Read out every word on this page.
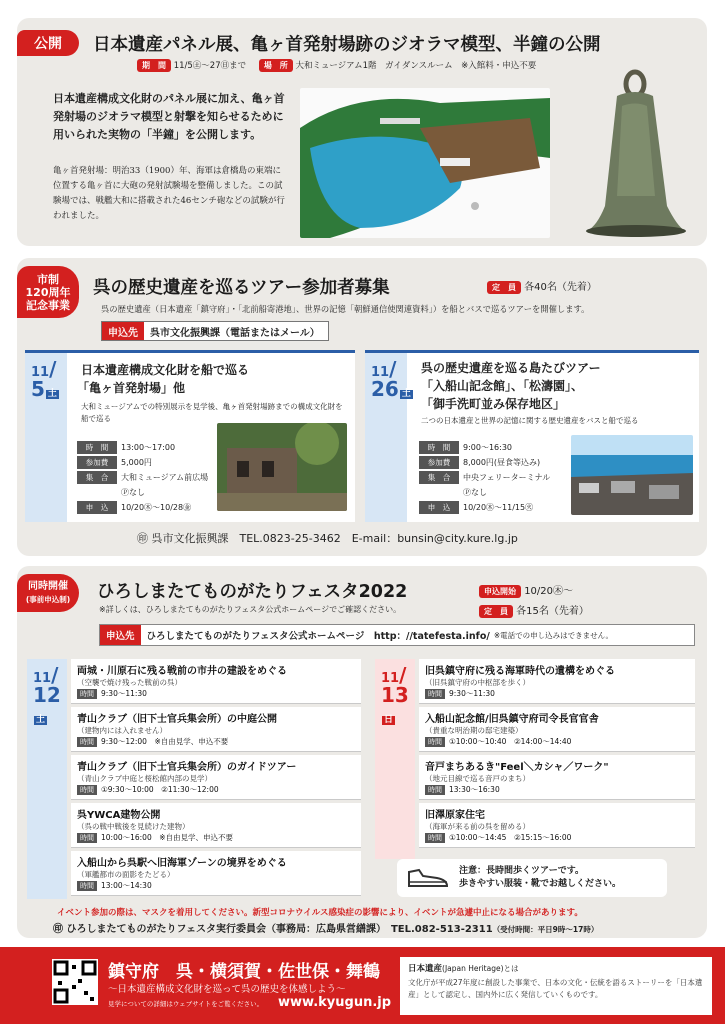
公開	日本遺産パネル展、亀ヶ首発射場跡のジオラマ模型、半鐘の公開
期　間 11/5㊏〜27㊐まで 場　所 大和ミュージアム1階　ガイダンスルーム　※入館料・申込不要
日本遺産構成文化財のパネル展に加え、亀ヶ首発射場のジオラマ模型と射撃を知らせるために用いられた実物の「半鐘」を公開します。
亀ヶ首発射場：明治33（1900）年、海軍は倉橋島の東端に位置する亀ヶ首に大砲の発射試験場を整備しました。この試験場では、戦艦大和に搭載された46センチ砲などの試験が行われました。
市制
120周年
記念事業
呉の歴史遺産を巡るツアー参加者募集	定　員 各40名（先着）
呉の歴史遺産（日本遺産「鎮守府」・「北前船寄港地」、世界の記憶「朝鮮通信使関連資料」）を船とバスで巡るツアーを開催します。
申込先	呉市文化振興課（電話またはメール）
11/
5 土
日本遺産構成文化財を船で巡る
「亀ヶ首発射場」他
大和ミュージアムでの特別展示を見学後、亀ヶ首発射場跡までの構成文化財を船で巡る
時　間 13:00〜17:00
参加費 5,000円
集　合 大和ミュージアム前広場
Ⓟなし
申　込 10/20㊍〜10/28㊎
11/
26 土
呉の歴史遺産を巡る島たびツアー
「入船山記念館」、「松濤園」、
「御手洗町並み保存地区」
二つの日本遺産と世界の記憶に関する歴史遺産をバスと船で巡る
時　間 9:00〜16:30
参加費 8,000円(昼食等込み)
集　合 中央フェリーターミナル
Ⓟなし
申　込 10/20㊍〜11/15㊋
㊞ 呉市文化振興課　TEL.0823-25-3462　E-mail：bunsin@city.kure.lg.jp
同時開催
(事前申込制) ひろしまたてものがたりフェスタ2022	申込開始 10/20㊍〜
※詳しくは、ひろしまたてものがたりフェスタ公式ホームページでご確認ください。	定　員 各15名（先着）
申込先	ひろしまたてものがたりフェスタ公式ホームページ　http：//tatefesta.info/ ※電話での申し込みはできません。
11/
12
土
両城・川原石に残る戦前の市井の建設をめぐる
（空襲で焼け残った戦前の呉）
時間 9:30〜11:30
青山クラブ（旧下士官兵集会所）の中庭公開
（建物内には入れません）
時間 9:30〜12:00　※自由見学、申込不要
青山クラブ（旧下士官兵集会所）のガイドツアー
（青山クラブ中庭と桜松館内部の見学）
時間 ①9:30〜10:00　②11:30〜12:00
呉YWCA建物公開
（呉の戦中戦後を見続けた建物）
時間 10:00〜16:00　※自由見学、申込不要
入船山から呉駅へ旧海軍ゾーンの境界をめぐる
（軍艦都市の面影をたどる）
時間 13:00〜14:30
11/
13
日
旧呉鎮守府に残る海軍時代の遺構をめぐる
（旧呉鎮守府の中枢部を歩く）
時間 9:30〜11:30
入船山記念館/旧呉鎮守府司令長官官舎
（貴重な明治期の邸宅建築）
時間 ①10:00〜10:40　②14:00〜14:40
音戸まちあるき"Feel＼カシャ／ワーク"
（地元目線で巡る音戸のまち）
時間 13:30〜16:30
旧澤原家住宅
（海軍が来る前の呉を留める）
時間 ①10:00〜14:45　②15:15〜16:00
注意：長時間歩くツアーです。
歩きやすい服装・靴でお越しください。
イベント参加の際は、マスクを着用してください。新型コロナウイルス感染症の影響により、イベントが急遽中止になる場合があります。
㊞ ひろしまたてものがたりフェスタ実行委員会（事務局：広島県営繕課）　TEL.082-513-2311（受付時間：平日9時〜17時）
鎮守府　呉・横須賀・佐世保・舞鶴
〜日本遺産構成文化財を巡って呉の歴史を体感しよう〜
見学についての詳細はウェブサイトをご覧ください。 www.kyugun.jp
日本遺産(Japan Heritage)とは
文化庁が平成27年度に創設した事業で、日本の文化・伝統を語るストーリーを「日本遺産」として認定し、国内外に広く発信していくものです。
